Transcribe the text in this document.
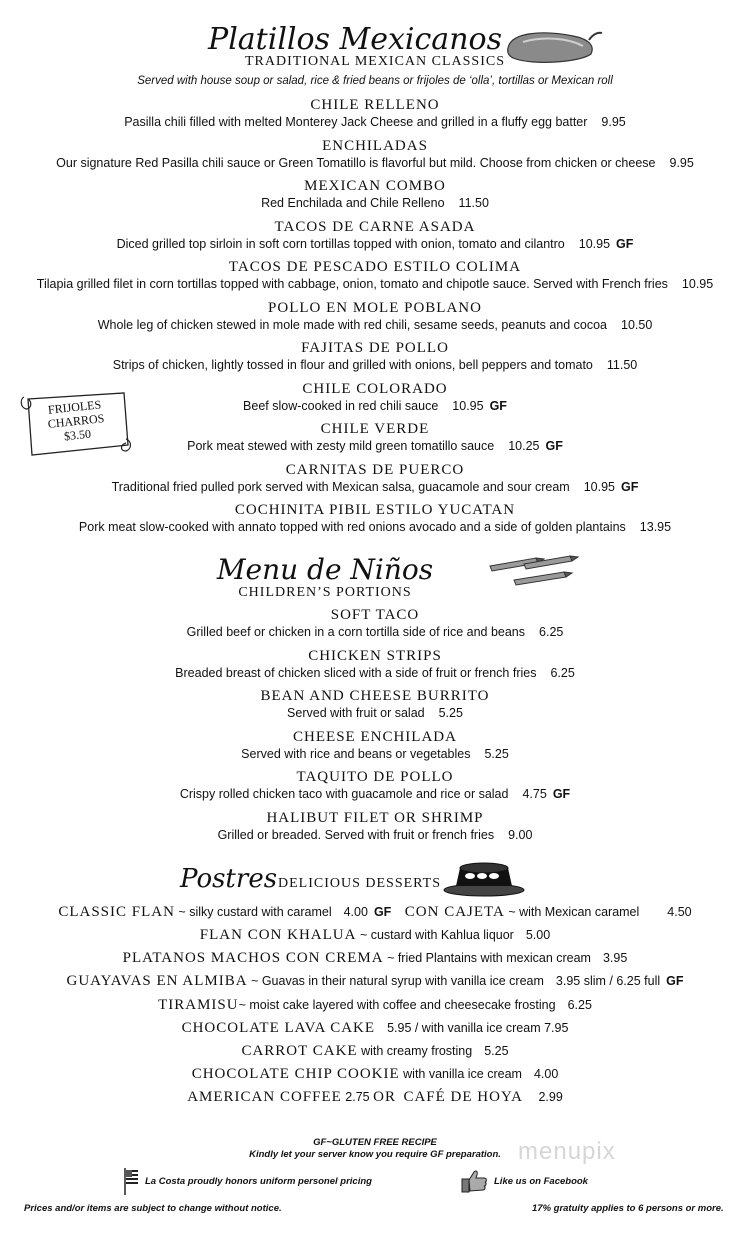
Platillos Mexicanos
TRADITIONAL MEXICAN CLASSICS
Served with house soup or salad, rice & fried beans or frijoles de ‘olla’, tortillas or Mexican roll
CHILE RELLENO
Pasilla chili filled with melted Monterey Jack Cheese and grilled in a fluffy egg batter 9.95
ENCHILADAS
Our signature Red Pasilla chili sauce or Green Tomatillo is flavorful but mild. Choose from chicken or cheese 9.95
MEXICAN COMBO
Red Enchilada and Chile Relleno 11.50
TACOS DE CARNE ASADA
Diced grilled top sirloin in soft corn tortillas topped with onion, tomato and cilantro 10.95 GF
TACOS DE PESCADO ESTILO COLIMA
Tilapia grilled filet in corn tortillas topped with cabbage, onion, tomato and chipotle sauce. Served with French fries 10.95
POLLO EN MOLE POBLANO
Whole leg of chicken stewed in mole made with red chili, sesame seeds, peanuts and cocoa 10.50
FAJITAS DE POLLO
Strips of chicken, lightly tossed in flour and grilled with onions, bell peppers and tomato 11.50
CHILE COLORADO
Beef slow-cooked in red chili sauce 10.95 GF
CHILE VERDE
Pork meat stewed with zesty mild green tomatillo sauce 10.25 GF
CARNITAS DE PUERCO
Traditional fried pulled pork served with Mexican salsa, guacamole and sour cream 10.95 GF
COCHINITA PIBIL ESTILO YUCATAN
Pork meat slow-cooked with annato topped with red onions avocado and a side of golden plantains 13.95
FRIJOLES
CHARROS
$3.50
Menu de Niños
CHILDREN’S PORTIONS
SOFT TACO
Grilled beef or chicken in a corn tortilla side of rice and beans 6.25
CHICKEN STRIPS
Breaded breast of chicken sliced with a side of fruit or french fries 6.25
BEAN AND CHEESE BURRITO
Served with fruit or salad 5.25
CHEESE ENCHILADA
Served with rice and beans or vegetables 5.25
TAQUITO DE POLLO
Crispy rolled chicken taco with guacamole and rice or salad 4.75 GF
HALIBUT FILET OR SHRIMP
Grilled or breaded. Served with fruit or french fries 9.00
Postres DELICIOUS DESSERTS
CLASSIC FLAN ~ silky custard with caramel 4.00 GF CON CAJETA ~ with Mexican caramel 4.50
FLAN CON KHALUA ~ custard with Kahlua liquor 5.00
PLATANOS MACHOS CON CREMA ~ fried Plantains with mexican cream 3.95
GUAYAVAS EN ALMIBA ~ Guavas in their natural syrup with vanilla ice cream 3.95 slim / 6.25 full GF
TIRAMISU~ moist cake layered with coffee and cheesecake frosting 6.25
CHOCOLATE LAVA CAKE 5.95 / with vanilla ice cream 7.95
CARROT CAKE with creamy frosting 5.25
CHOCOLATE CHIP COOKIE with vanilla ice cream 4.00
AMERICAN COFFEE 2.75 OR CAFÉ DE HOYA 2.99
GF~GLUTEN FREE RECIPE
Kindly let your server know you require GF preparation. menupix
La Costa proudly honors uniform personel pricing	Like us on Facebook
Prices and/or items are subject to change without notice.	17% gratuity applies to 6 persons or more.
